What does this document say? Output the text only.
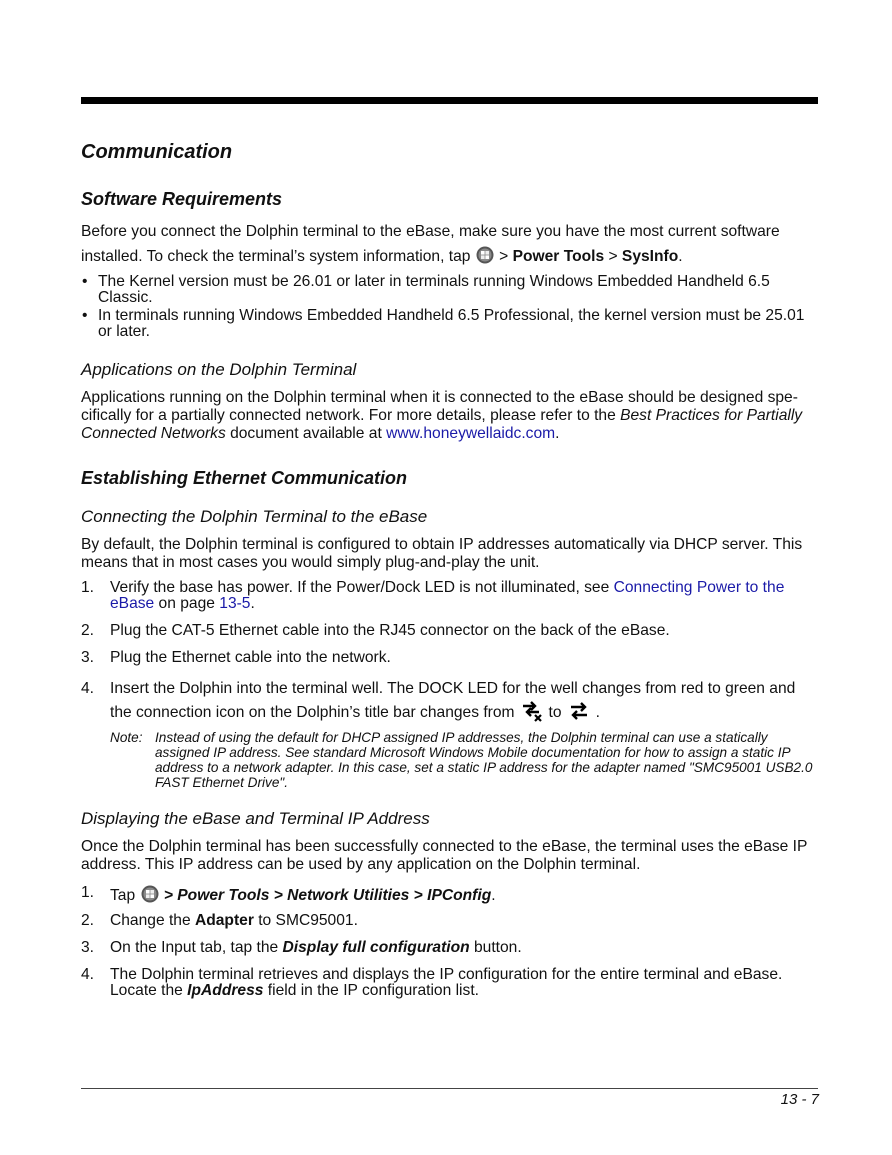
Communication
Software Requirements

Before you connect the Dolphin terminal to the eBase, make sure you have the most current software installed. To check the terminal’s system information, tap  > Power Tools > SysInfo.

• The Kernel version must be 26.01 or later in terminals running Windows Embedded Handheld 6.5 Classic.
• In terminals running Windows Embedded Handheld 6.5 Professional, the kernel version must be 25.01 or later.
Applications on the Dolphin Terminal

Applications running on the Dolphin terminal when it is connected to the eBase should be designed spe-cifically for a partially connected network. For more details, please refer to the Best Practices for Partially Connected Networks document available at www.honeywellaidc.com.

Establishing Ethernet Communication
Connecting the Dolphin Terminal to the eBase

By default, the Dolphin terminal is configured to obtain IP addresses automatically via DHCP server. This means that in most cases you would simply plug-and-play the unit.

1. Verify the base has power. If the Power/Dock LED is not illuminated, see Connecting Power to the eBase on page 13-5.
2. Plug the CAT-5 Ethernet cable into the RJ45 connector on the back of the eBase.
3. Plug the Ethernet cable into the network.
4. Insert the Dolphin into the terminal well. The DOCK LED for the well changes from red to green and the connection icon on the Dolphin’s title bar changes from to .
Note: Instead of using the default for DHCP assigned IP addresses, the Dolphin terminal can use a statically assigned IP address. See standard Microsoft Windows Mobile documentation for how to assign a static IP address to a network adapter. In this case, set a static IP address for the adapter named "SMC95001 USB2.0 FAST Ethernet Drive".
Displaying the eBase and Terminal IP Address

Once the Dolphin terminal has been successfully connected to the eBase, the terminal uses the eBase IP address. This IP address can be used by any application on the Dolphin terminal.

1. Tap  > Power Tools > Network Utilities > IPConfig.
2. Change the Adapter to SMC95001.
3. On the Input tab, tap the Display full configuration button.
4. The Dolphin terminal retrieves and displays the IP configuration for the entire terminal and eBase. Locate the IpAddress field in the IP configuration list.
13 - 7
